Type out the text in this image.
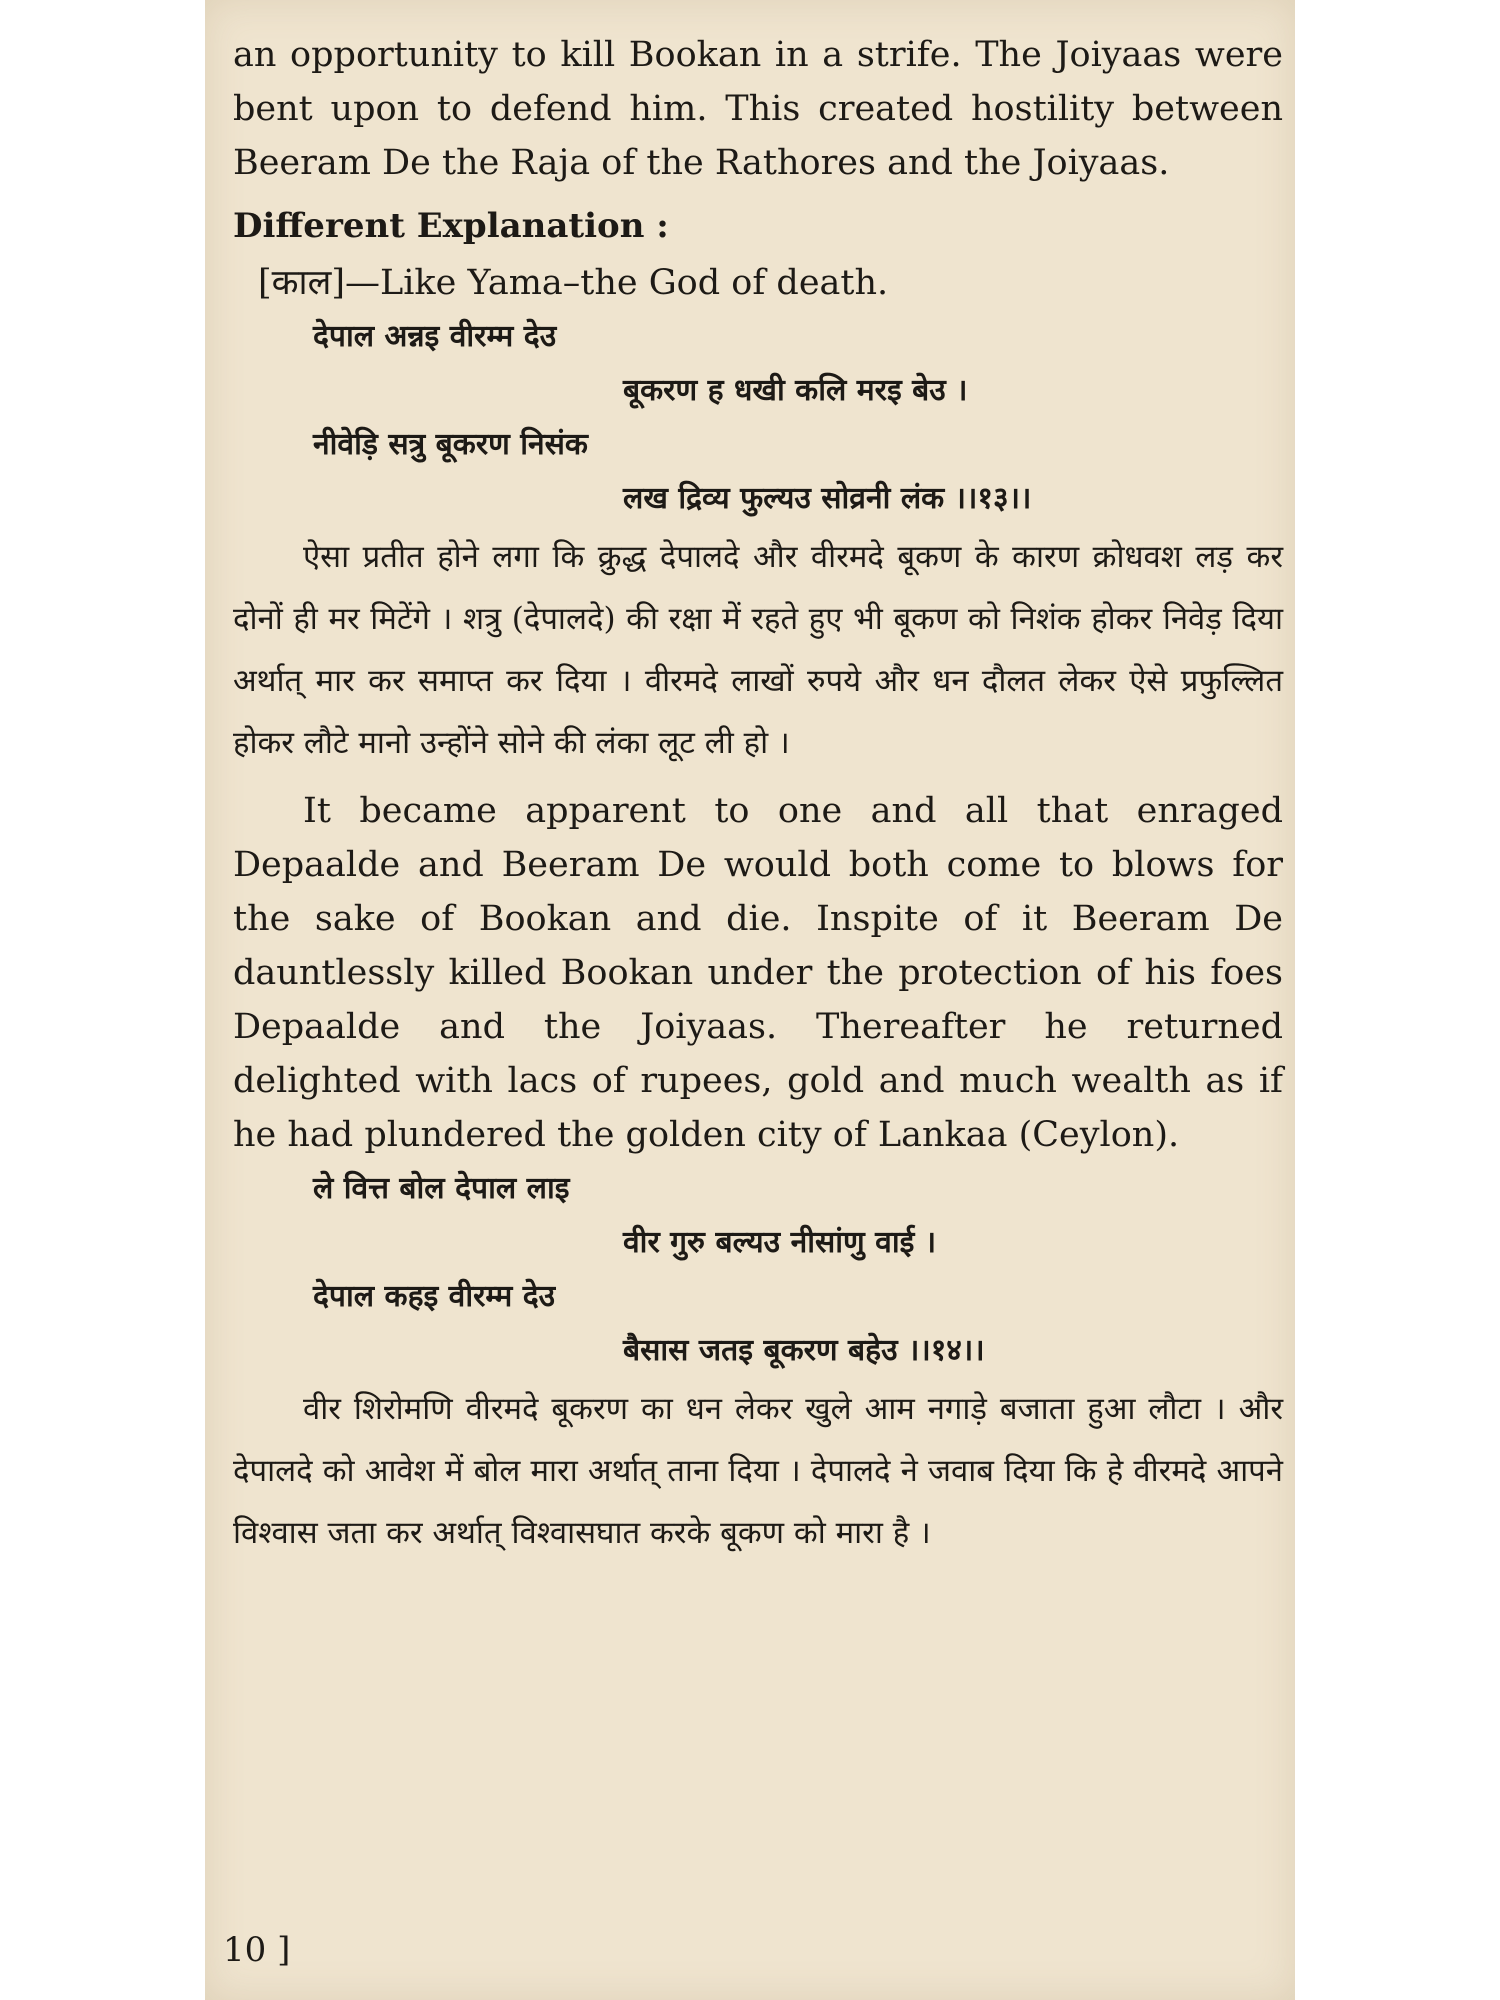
an opportunity to kill Bookan in a strife. The Joiyaas were bent upon to defend him. This created hostility between Beeram De the Raja of the Rathores and the Joiyaas.

Different Explanation :

[काल]—Like Yama–the God of death.

देपाल अन्नइ वीरम्म देउ

बूकरण ह धखी कलि मरइ बेउ ।

नीवेड़ि सत्रु बूकरण निसंक

लख द्रिव्य फुल्यउ सोव्रनी लंक ।।१३।।

ऐसा प्रतीत होने लगा कि क्रुद्ध देपालदे और वीरमदे बूकण के कारण क्रोधवश लड़ कर दोनों ही मर मिटेंगे । शत्रु (देपालदे) की रक्षा में रहते हुए भी बूकण को निशंक होकर निवेड़ दिया अर्थात् मार कर समाप्त कर दिया । वीरमदे लाखों रुपये और धन दौलत लेकर ऐसे प्रफुल्लित होकर लौटे मानो उन्होंने सोने की लंका लूट ली हो ।

It became apparent to one and all that enraged Depaalde and Beeram De would both come to blows for the sake of Bookan and die. Inspite of it Beeram De dauntlessly killed Bookan under the protection of his foes Depaalde and the Joiyaas. Thereafter he returned delighted with lacs of rupees, gold and much wealth as if he had plundered the golden city of Lankaa (Ceylon).

ले वित्त बोल देपाल लाइ

वीर गुरु बल्यउ नीसांणु वाई ।

देपाल कहइ वीरम्म देउ

बैसास जतइ बूकरण बहेउ ।।१४।।

वीर शिरोमणि वीरमदे बूकरण का धन लेकर खुले आम नगाड़े बजाता हुआ लौटा । और देपालदे को आवेश में बोल मारा अर्थात् ताना दिया । देपालदे ने जवाब दिया कि हे वीरमदे आपने विश्वास जता कर अर्थात् विश्वासघात करके बूकण को मारा है ।

10 ]
